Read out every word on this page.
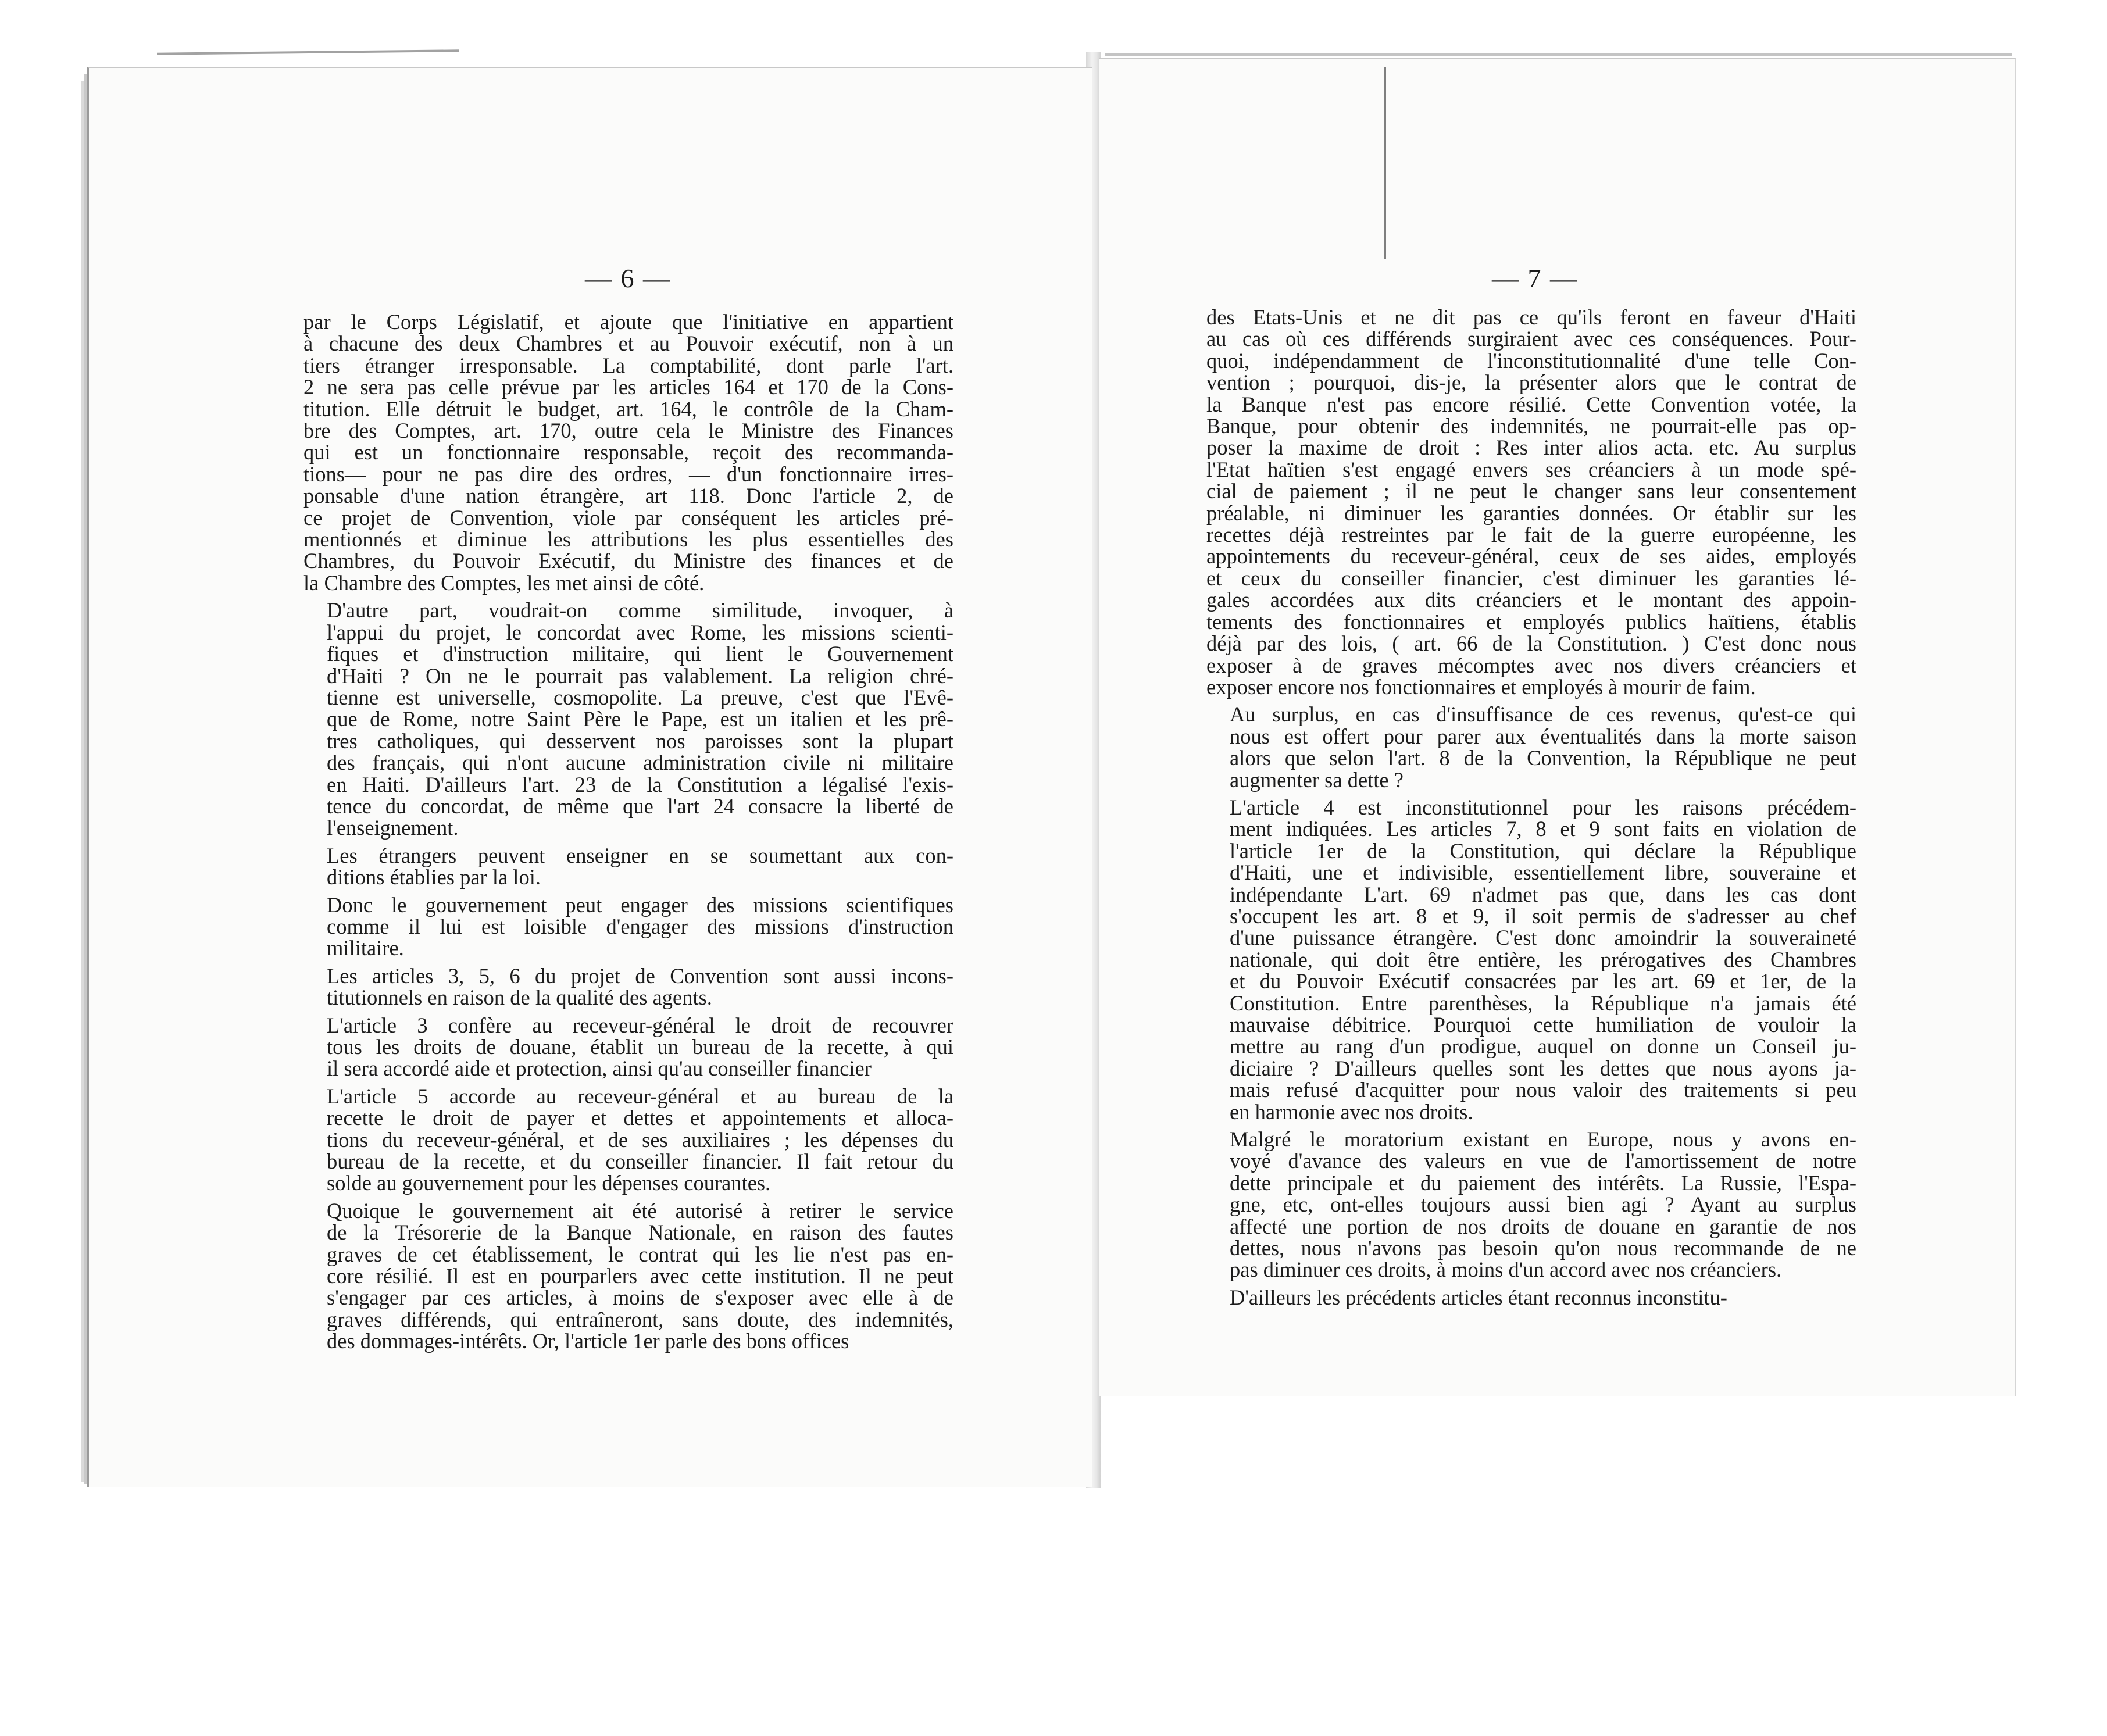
— 6 —	— 7 —

par le Corps Législatif, et ajoute que l'initiative en appartient
à chacune des deux Chambres et au Pouvoir exécutif, non à un
tiers étranger irresponsable. La comptabilité, dont parle l'art.
2 ne sera pas celle prévue par les articles 164 et 170 de la Cons-
titution. Elle détruit le budget, art. 164, le contrôle de la Cham-
bre des Comptes, art. 170, outre cela le Ministre des Finances
qui est un fonctionnaire responsable, reçoit des recommanda-
tions— pour ne pas dire des ordres, — d'un fonctionnaire irres-
ponsable d'une nation étrangère, art 118. Donc l'article 2, de
ce projet de Convention, viole par conséquent les articles pré-
mentionnés et diminue les attributions les plus essentielles des
Chambres, du Pouvoir Exécutif, du Ministre des finances et de
la Chambre des Comptes, les met ainsi de côté.

D'autre part, voudrait-on comme similitude, invoquer, à
l'appui du projet, le concordat avec Rome, les missions scienti-
fiques et d'instruction militaire, qui lient le Gouvernement
d'Haiti ? On ne le pourrait pas valablement. La religion chré-
tienne est universelle, cosmopolite. La preuve, c'est que l'Evê-
que de Rome, notre Saint Père le Pape, est un italien et les prê-
tres catholiques, qui desservent nos paroisses sont la plupart
des français, qui n'ont aucune administration civile ni militaire
en Haiti. D'ailleurs l'art. 23 de la Constitution a légalisé l'exis-
tence du concordat, de même que l'art 24 consacre la liberté de
l'enseignement.

Les étrangers peuvent enseigner en se soumettant aux con-
ditions établies par la loi.

Donc le gouvernement peut engager des missions scientifiques
comme il lui est loisible d'engager des missions d'instruction
militaire.

Les articles 3, 5, 6 du projet de Convention sont aussi incons-
titutionnels en raison de la qualité des agents.

L'article 3 confère au receveur-général le droit de recouvrer
tous les droits de douane, établit un bureau de la recette, à qui
il sera accordé aide et protection, ainsi qu'au conseiller financier

L'article 5 accorde au receveur-général et au bureau de la
recette le droit de payer et dettes et appointements et alloca-
tions du receveur-général, et de ses auxiliaires ; les dépenses du
bureau de la recette, et du conseiller financier. Il fait retour du
solde au gouvernement pour les dépenses courantes.

Quoique le gouvernement ait été autorisé à retirer le service
de la Trésorerie de la Banque Nationale, en raison des fautes
graves de cet établissement, le contrat qui les lie n'est pas en-
core résilié. Il est en pourparlers avec cette institution. Il ne peut
s'engager par ces articles, à moins de s'exposer avec elle à de
graves différends, qui entraîneront, sans doute, des indemnités,
des dommages-intérêts. Or, l'article 1er parle des bons offices

des Etats-Unis et ne dit pas ce qu'ils feront en faveur d'Haiti
au cas où ces différends surgiraient avec ces conséquences. Pour-
quoi, indépendamment de l'inconstitutionnalité d'une telle Con-
vention ; pourquoi, dis-je, la présenter alors que le contrat de
la Banque n'est pas encore résilié. Cette Convention votée, la
Banque, pour obtenir des indemnités, ne pourrait-elle pas op-
poser la maxime de droit : Res inter alios acta. etc. Au surplus
l'Etat haïtien s'est engagé envers ses créanciers à un mode spé-
cial de paiement ; il ne peut le changer sans leur consentement
préalable, ni diminuer les garanties données. Or établir sur les
recettes déjà restreintes par le fait de la guerre européenne, les
appointements du receveur-général, ceux de ses aides, employés
et ceux du conseiller financier, c'est diminuer les garanties lé-
gales accordées aux dits créanciers et le montant des appoin-
tements des fonctionnaires et employés publics haïtiens, établis
déjà par des lois, ( art. 66 de la Constitution. ) C'est donc nous
exposer à de graves mécomptes avec nos divers créanciers et
exposer encore nos fonctionnaires et employés à mourir de faim.

Au surplus, en cas d'insuffisance de ces revenus, qu'est-ce qui
nous est offert pour parer aux éventualités dans la morte saison
alors que selon l'art. 8 de la Convention, la République ne peut
augmenter sa dette ?

L'article 4 est inconstitutionnel pour les raisons précédem-
ment indiquées. Les articles 7, 8 et 9 sont faits en violation de
l'article 1er de la Constitution, qui déclare la République
d'Haiti, une et indivisible, essentiellement libre, souveraine et
indépendante L'art. 69 n'admet pas que, dans les cas dont
s'occupent les art. 8 et 9, il soit permis de s'adresser au chef
d'une puissance étrangère. C'est donc amoindrir la souveraineté
nationale, qui doit être entière, les prérogatives des Chambres
et du Pouvoir Exécutif consacrées par les art. 69 et 1er, de la
Constitution. Entre parenthèses, la République n'a jamais été
mauvaise débitrice. Pourquoi cette humiliation de vouloir la
mettre au rang d'un prodigue, auquel on donne un Conseil ju-
diciaire ? D'ailleurs quelles sont les dettes que nous ayons ja-
mais refusé d'acquitter pour nous valoir des traitements si peu
en harmonie avec nos droits.

Malgré le moratorium existant en Europe, nous y avons en-
voyé d'avance des valeurs en vue de l'amortissement de notre
dette principale et du paiement des intérêts. La Russie, l'Espa-
gne, etc, ont-elles toujours aussi bien agi ? Ayant au surplus
affecté une portion de nos droits de douane en garantie de nos
dettes, nous n'avons pas besoin qu'on nous recommande de ne
pas diminuer ces droits, à moins d'un accord avec nos créanciers.

D'ailleurs les précédents articles étant reconnus inconstitu-
